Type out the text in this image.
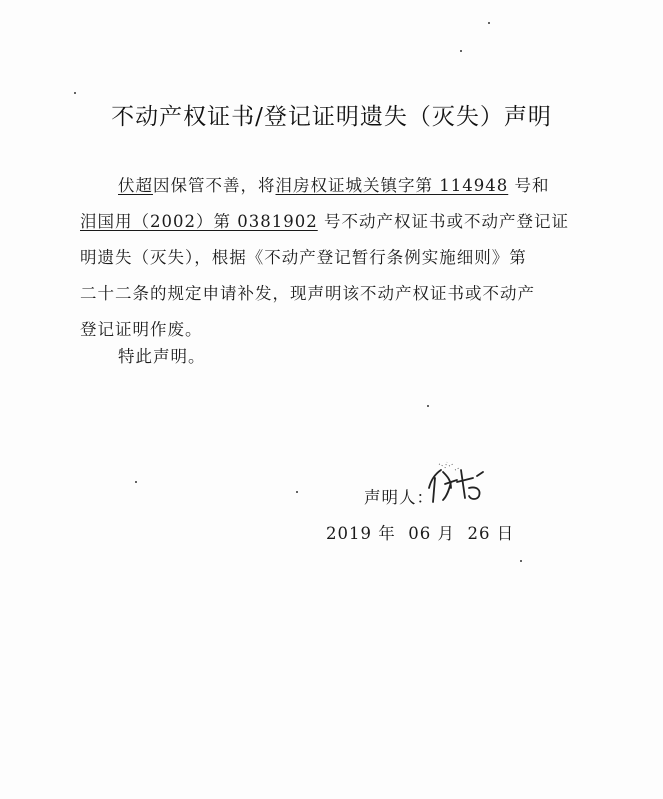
不动产权证书/登记证明遗失（灭失）声明
伏超因保管不善，将泪房权证城关镇字第 114948 号和
泪国用（2002）第 0381902 号不动产权证书或不动产登记证
明遗失（灭失），根据《不动产登记暂行条例实施细则》第
二十二条的规定申请补发，现声明该不动产权证书或不动产
登记证明作废。
特此声明。
声明人：
2019 年  06 月  26 日
